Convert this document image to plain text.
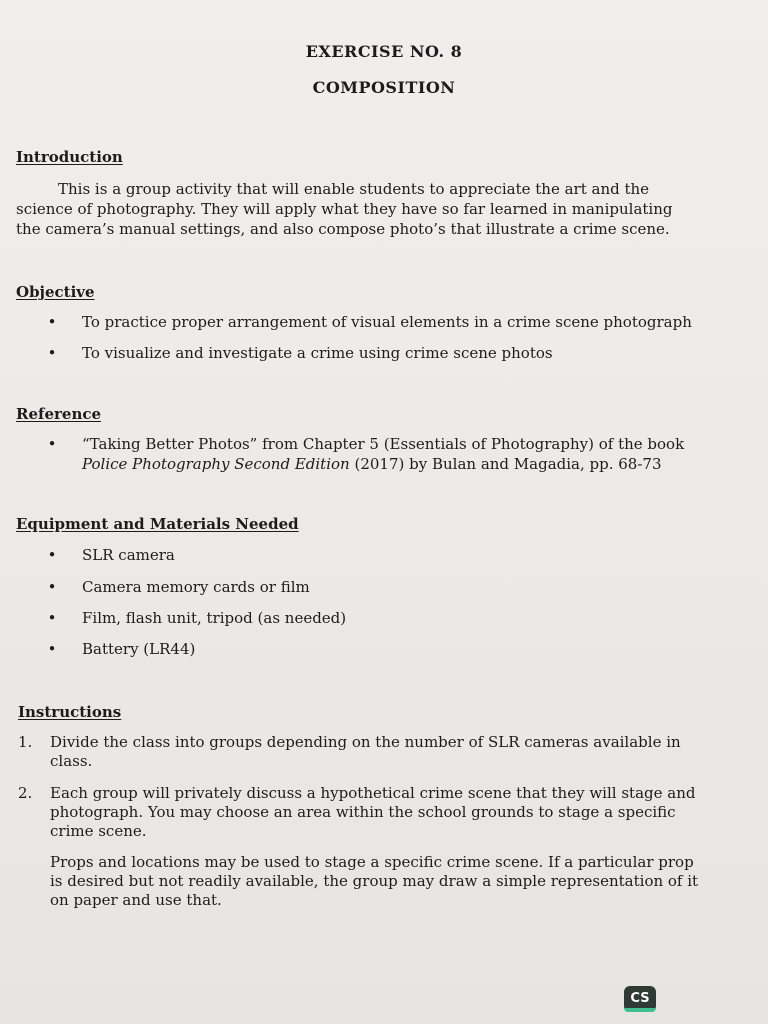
EXERCISE NO. 8
COMPOSITION
Introduction
This is a group activity that will enable students to appreciate the art and the
science of photography. They will apply what they have so far learned in manipulating
the camera’s manual settings, and also compose photo’s that illustrate a crime scene.
Objective
• To practice proper arrangement of visual elements in a crime scene photograph
• To visualize and investigate a crime using crime scene photos
Reference
• “Taking Better Photos” from Chapter 5 (Essentials of Photography) of the book
Police Photography Second Edition (2017) by Bulan and Magadia, pp. 68-73
Equipment and Materials Needed
• SLR camera
• Camera memory cards or film
• Film, flash unit, tripod (as needed)
• Battery (LR44)
Instructions
1. Divide the class into groups depending on the number of SLR cameras available in
class.
2. Each group will privately discuss a hypothetical crime scene that they will stage and
photograph. You may choose an area within the school grounds to stage a specific
crime scene.
Props and locations may be used to stage a specific crime scene. If a particular prop
is desired but not readily available, the group may draw a simple representation of it
on paper and use that.
CS
